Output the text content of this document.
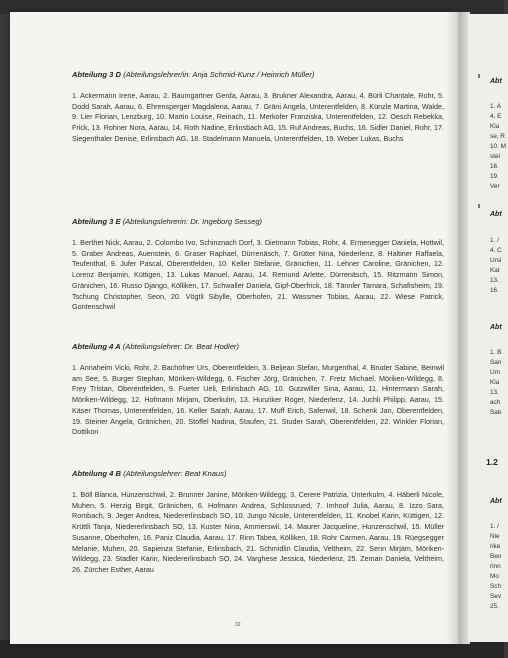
Abteilung 3 D (Abteilungslehrer/in: Anja Schmid-Kunz / Heinrich Müller)

1. Ackermann Irene, Aarau, 2. Baumgartner Gerda, Aarau, 3. Brukner Alexandra, Aarau, 4. Bürli Chantale, Rohr, 5. Dodd Sarah, Aarau, 6. Ehrensperger Magdalena, Aarau, 7. Gräni Angela, Unterentfelden, 8. Künzle Martina, Walde, 9. Lier Florian, Lenzburg, 10. Martin Louise, Reinach, 11. Merkofer Franziska, Unterentfelden, 12. Oesch Rebekka, Frick, 13. Rohner Nora, Aarau, 14. Roth Nadine, Erlinsbach AG, 15. Ruf Andreas, Buchs, 16. Sidler Daniel, Rohr, 17. Siegenthaler Denise, Erlinsbach AG, 18. Stadelmann Manuela, Unterentfelden, 19. Weber Lukas, Buchs

Abteilung 3 E (Abteilungslehrerin: Dr. Ingeborg Sesseg)

1. Berthet Nick, Aarau, 2. Colombo Ivo, Schinznach Dorf, 3. Dietmann Tobias, Rohr, 4. Ermenegger Daniela, Hottwil, 5. Graber Andreas, Auenstein, 6. Graser Raphael, Dürrenäsch, 7. Grütter Nina, Niederlenz, 8. Haltiner Raffaela, Teufenthal, 9. Jufer Pascal, Oberentfelden, 10. Keller Stefanie, Gränichen, 11. Lehner Caroline, Gränichen, 12. Lorenz Benjamin, Küttigen, 13. Lukas Manuel, Aarau, 14. Remund Arlette, Dürrenäsch, 15. Ritzmann Simon, Gränichen, 16. Russo Django, Kölliken, 17. Schwaller Daniela, Gipf-Oberfrick, 18. Tännler Tamara, Schafisheim, 19. Tschung Christopher, Seon, 20. Vögtli Sibylle, Oberhofen, 21. Wassmer Tobias, Aarau, 22. Wiese Patrick, Gontenschwil

Abteilung 4 A (Abteilungslehrer: Dr. Beat Hodler)

1. Annaheim Vicki, Rohr, 2. Bachofner Urs, Oberentfelden, 3. Beljean Stefan, Murgenthal, 4. Bruder Sabine, Beinwil am See, 5. Burger Stephan, Möriken-Wildegg, 6. Fischer Jörg, Gränichen, 7. Fretz Michael, Möriken-Wildegg, 8. Frey Tristan, Oberentfelden, 9. Fueter Ueli, Erlinsbach AG, 10. Gutzwiller Sina, Aarau, 11. Hintermann Sarah, Möriken-Wildegg, 12. Hofmann Mirjam, Oberkulm, 13. Hunziker Roger, Niederlenz, 14. Juchli Philipp, Aarau, 15. Käser Thomas, Unterentfelden, 16. Keller Sarah, Aarau, 17. Muff Erich, Safenwil, 18. Schenk Jan, Oberentfelden, 19. Steiner Angela, Gränichen, 20. Stoffel Nadina, Staufen, 21. Studer Sarah, Oberentfelden, 22. Winkler Florian, Dottikon

Abteilung 4 B (Abteilungslehrer: Beat Knaus)

1. Böll Bianca, Hunzenschwil, 2. Brunner Janine, Möriken-Wildegg, 3. Cerere Patrizia, Unterkulm, 4. Häberli Nicole, Muhen, 5. Herzig Birgit, Gränichen, 6. Hofmann Andrea, Schlossrued, 7. Imhoof Julia, Aarau, 8. Izzo Sara, Rombach, 9. Jeger Andrea, Niedererlinsbach SO, 10. Jungo Nicole, Unterentfelden, 11. Knobel Karin, Küttigen, 12. Krüttli Tanja, Niedererlinsbach SO, 13. Kuster Nina, Ammerswil, 14. Maurer Jacqueline, Hunzenschwil, 15. Müller Susanne, Oberhofen, 16. Paniz Claudia, Aarau, 17. Rinn Tabea, Kölliken, 18. Rohr Carmen, Aarau, 19. Rüegsegger Melanie, Muhen, 20. Sapienza Stefanie, Erlinsbach, 21. Schmidlin Claudia, Veltheim, 22. Senn Mirjam, Möriken-Wildegg, 23. Stadler Karin, Niedererlinsbach SO, 24. Varghese Jessica, Niederlenz, 25. Zeman Daniela, Veltheim, 26. Zürcher Esther, Aarau

32
Abt
1. A
4. E
Kla
se, R
10. M
stei
16.
19.
Ver
Abt
1. /
4. C
Ursi
Kat
13.
16.
Abt
1. B
San
Um
Kla
13.
ach
Sab
1.2
Abt
1. /
Nie
rike
Ben
rinn
Mo
Sch
Sev
25.
